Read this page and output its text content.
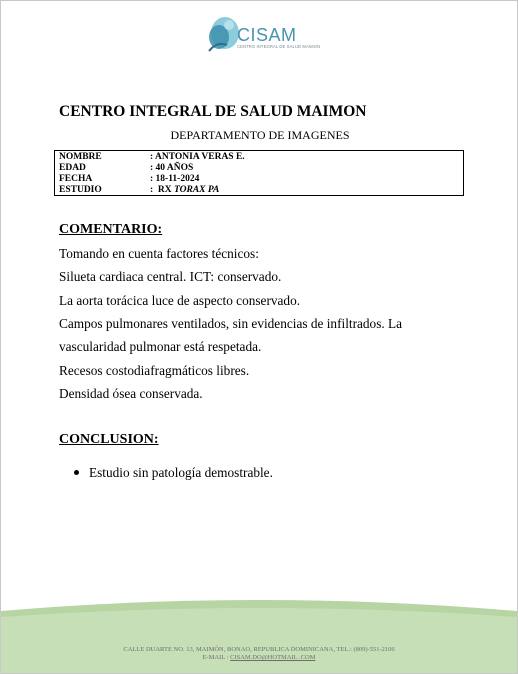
CISAM
CENTRO INTEGRAL DE SALUD MAIMON
CENTRO INTEGRAL DE SALUD MAIMON
DEPARTAMENTO DE IMAGENES
NOMBRE	: ANTONIA VERAS E.
EDAD	: 40 AÑOS
FECHA	: 18-11-2024
ESTUDIO	:  RX TORAX PA
COMENTARIO:
Tomando en cuenta factores técnicos:
Silueta cardiaca central. ICT: conservado.
La aorta torácica luce de aspecto conservado.
Campos pulmonares ventilados, sin evidencias de infiltrados. La
vascularidad pulmonar está respetada.
Recesos costodiafragmáticos libres.
Densidad ósea conservada.
CONCLUSION:
Estudio sin patología demostrable.
CALLE DUARTE NO. 13, MAIMÓN, BONAO, REPUBLICA DOMINICANA, TEL.: (809)-551-2106
E-MAIL : CISAM.DO@HOTMAIL .COM
